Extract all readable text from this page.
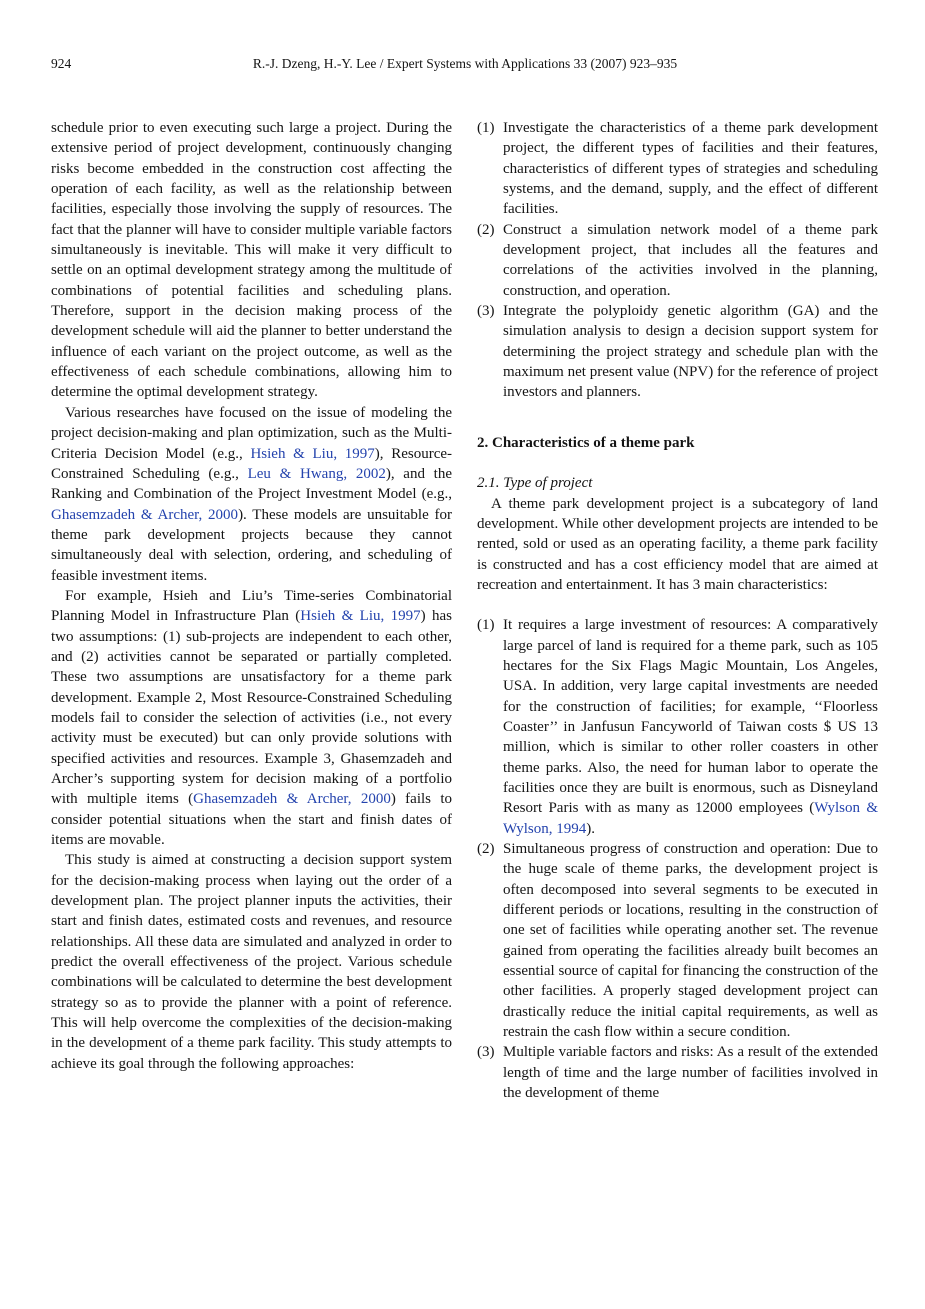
924	R.-J. Dzeng, H.-Y. Lee / Expert Systems with Applications 33 (2007) 923–935

schedule prior to even executing such large a project. During the extensive period of project development, continuously changing risks become embedded in the construction cost affecting the operation of each facility, as well as the relationship between facilities, especially those involving the supply of resources. The fact that the planner will have to consider multiple variable factors simultaneously is inevitable. This will make it very difficult to settle on an optimal development strategy among the multitude of combinations of potential facilities and scheduling plans. Therefore, support in the decision making process of the development schedule will aid the planner to better understand the influence of each variant on the project outcome, as well as the effectiveness of each schedule combinations, allowing him to determine the optimal development strategy.

Various researches have focused on the issue of modeling the project decision-making and plan optimization, such as the Multi-Criteria Decision Model (e.g., Hsieh & Liu, 1997), Resource-Constrained Scheduling (e.g., Leu & Hwang, 2002), and the Ranking and Combination of the Project Investment Model (e.g., Ghasemzadeh & Archer, 2000). These models are unsuitable for theme park development projects because they cannot simultaneously deal with selection, ordering, and scheduling of feasible investment items.

For example, Hsieh and Liu’s Time-series Combinatorial Planning Model in Infrastructure Plan (Hsieh & Liu, 1997) has two assumptions: (1) sub-projects are independent to each other, and (2) activities cannot be separated or partially completed. These two assumptions are unsatisfactory for a theme park development. Example 2, Most Resource-Constrained Scheduling models fail to consider the selection of activities (i.e., not every activity must be executed) but can only provide solutions with specified activities and resources. Example 3, Ghasemzadeh and Archer’s supporting system for decision making of a portfolio with multiple items (Ghasemzadeh & Archer, 2000) fails to consider potential situations when the start and finish dates of items are movable.

This study is aimed at constructing a decision support system for the decision-making process when laying out the order of a development plan. The project planner inputs the activities, their start and finish dates, estimated costs and revenues, and resource relationships. All these data are simulated and analyzed in order to predict the overall effectiveness of the project. Various schedule combinations will be calculated to determine the best development strategy so as to provide the planner with a point of reference. This will help overcome the complexities of the decision-making in the development of a theme park facility. This study attempts to achieve its goal through the following approaches:

(1) Investigate the characteristics of a theme park development project, the different types of facilities and their features, characteristics of different types of strategies and scheduling systems, and the demand, supply, and the effect of different facilities.
(2) Construct a simulation network model of a theme park development project, that includes all the features and correlations of the activities involved in the planning, construction, and operation.
(3) Integrate the polyploidy genetic algorithm (GA) and the simulation analysis to design a decision support system for determining the project strategy and schedule plan with the maximum net present value (NPV) for the reference of project investors and planners.
2. Characteristics of a theme park
2.1. Type of project

A theme park development project is a subcategory of land development. While other development projects are intended to be rented, sold or used as an operating facility, a theme park facility is constructed and has a cost efficiency model that are aimed at recreation and entertainment. It has 3 main characteristics:

(1) It requires a large investment of resources: A comparatively large parcel of land is required for a theme park, such as 105 hectares for the Six Flags Magic Mountain, Los Angeles, USA. In addition, very large capital investments are needed for the construction of facilities; for example, ‘‘Floorless Coaster’’ in Janfusun Fancyworld of Taiwan costs $ US 13 million, which is similar to other roller coasters in other theme parks. Also, the need for human labor to operate the facilities once they are built is enormous, such as Disneyland Resort Paris with as many as 12000 employees (Wylson & Wylson, 1994).
(2) Simultaneous progress of construction and operation: Due to the huge scale of theme parks, the development project is often decomposed into several segments to be executed in different periods or locations, resulting in the construction of one set of facilities while operating another set. The revenue gained from operating the facilities already built becomes an essential source of capital for financing the construction of the other facilities. A properly staged development project can drastically reduce the initial capital requirements, as well as restrain the cash flow within a secure condition.
(3) Multiple variable factors and risks: As a result of the extended length of time and the large number of facilities involved in the development of theme
